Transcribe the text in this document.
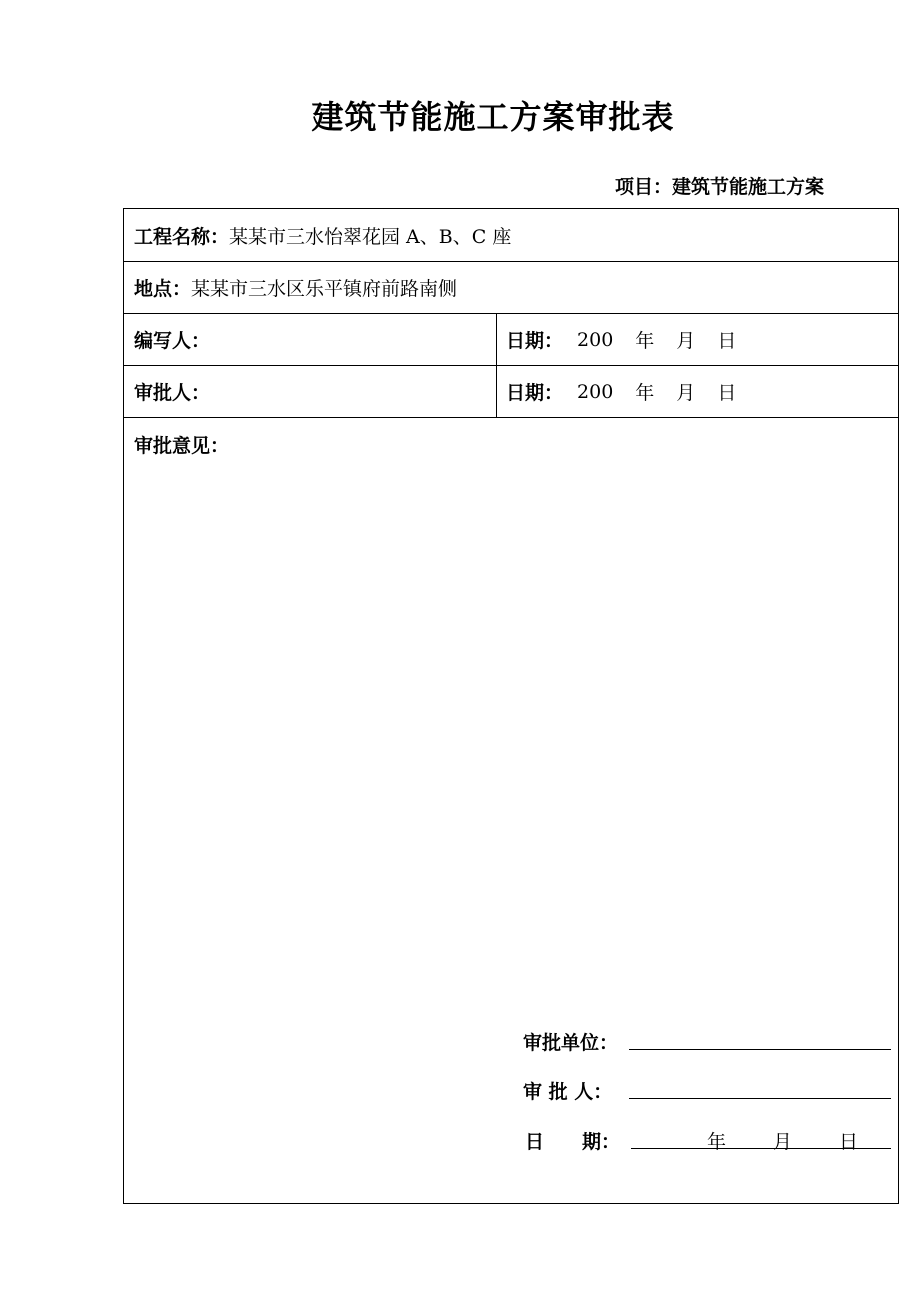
建筑节能施工方案审批表
项目：建筑节能施工方案
工程名称： 某某市三水怡翠花园 A、B、C 座
地点： 某某市三水区乐平镇府前路南侧
编写人：	日期： 200 年 月 日
审批人：	日期： 200 年 月 日
审批意见：
审批单位：
审 批 人：
日　　期：	年 月 日
